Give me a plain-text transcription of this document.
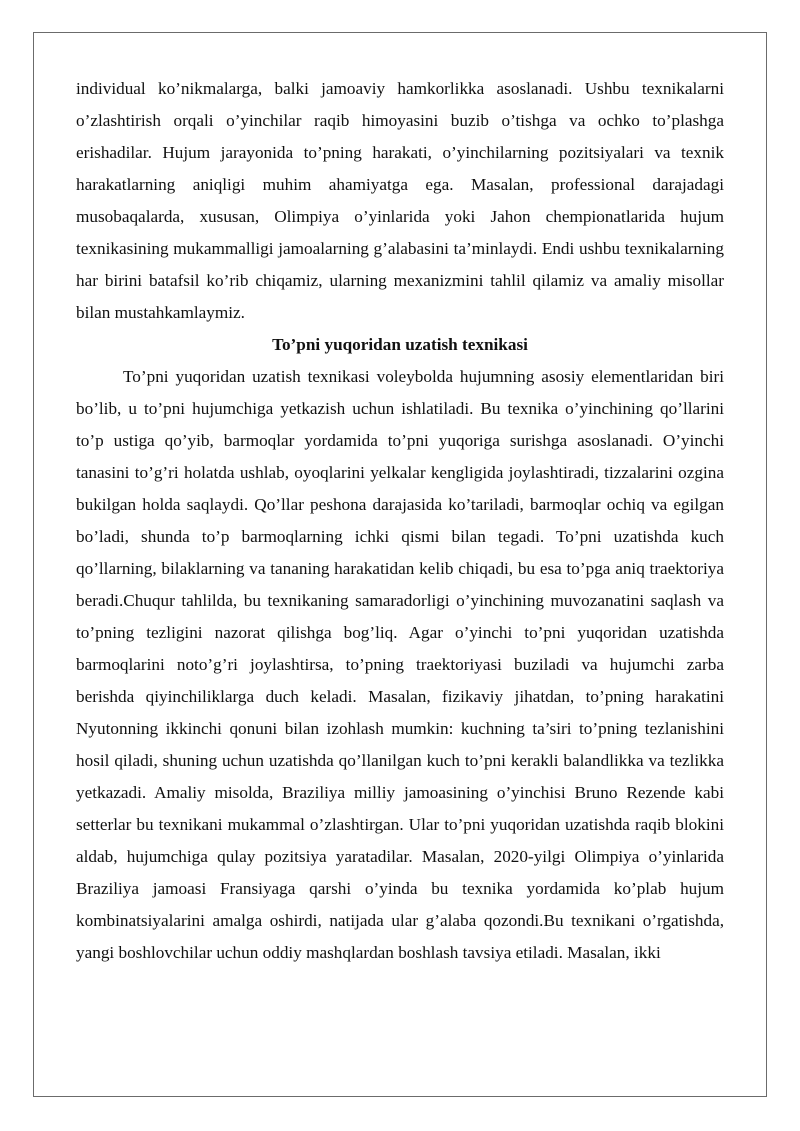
individual ko’nikmalarga, balki jamoaviy hamkorlikka asoslanadi. Ushbu texnikalarni o’zlashtirish orqali o’yinchilar raqib himoyasini buzib o’tishga va ochko to’plashga erishadilar. Hujum jarayonida to’pning harakati, o’yinchilarning pozitsiyalari va texnik harakatlarning aniqligi muhim ahamiyatga ega. Masalan, professional darajadagi musobaqalarda, xususan, Olimpiya o’yinlarida yoki Jahon chempionatlarida hujum texnikasining mukammalligi jamoalarning g’alabasini ta’minlaydi. Endi ushbu texnikalarning har birini batafsil ko’rib chiqamiz, ularning mexanizmini tahlil qilamiz va amaliy misollar bilan mustahkamlaymiz.

To’pni yuqoridan uzatish texnikasi

To’pni yuqoridan uzatish texnikasi voleybolda hujumning asosiy elementlaridan biri bo’lib, u to’pni hujumchiga yetkazish uchun ishlatiladi. Bu texnika o’yinchining qo’llarini to’p ustiga qo’yib, barmoqlar yordamida to’pni yuqoriga surishga asoslanadi. O’yinchi tanasini to’g’ri holatda ushlab, oyoqlarini yelkalar kengligida joylashtiradi, tizzalarini ozgina bukilgan holda saqlaydi. Qo’llar peshona darajasida ko’tariladi, barmoqlar ochiq va egilgan bo’ladi, shunda to’p barmoqlarning ichki qismi bilan tegadi. To’pni uzatishda kuch qo’llarning, bilaklarning va tananing harakatidan kelib chiqadi, bu esa to’pga aniq traektoriya beradi.Chuqur tahlilda, bu texnikaning samaradorligi o’yinchining muvozanatini saqlash va to’pning tezligini nazorat qilishga bog’liq. Agar o’yinchi to’pni yuqoridan uzatishda barmoqlarini noto’g’ri joylashtirsa, to’pning traektoriyasi buziladi va hujumchi zarba berishda qiyinchiliklarga duch keladi. Masalan, fizikaviy jihatdan, to’pning harakatini Nyutonning ikkinchi qonuni bilan izohlash mumkin: kuchning ta’siri to’pning tezlanishini hosil qiladi, shuning uchun uzatishda qo’llanilgan kuch to’pni kerakli balandlikka va tezlikka yetkazadi. Amaliy misolda, Braziliya milliy jamoasining o’yinchisi Bruno Rezende kabi setterlar bu texnikani mukammal o’zlashtirgan. Ular to’pni yuqoridan uzatishda raqib blokini aldab, hujumchiga qulay pozitsiya yaratadilar. Masalan, 2020-yilgi Olimpiya o’yinlarida Braziliya jamoasi Fransiyaga qarshi o’yinda bu texnika yordamida ko’plab hujum kombinatsiyalarini amalga oshirdi, natijada ular g’alaba qozondi.Bu texnikani o’rgatishda, yangi boshlovchilar uchun oddiy mashqlardan boshlash tavsiya etiladi. Masalan, ikki
